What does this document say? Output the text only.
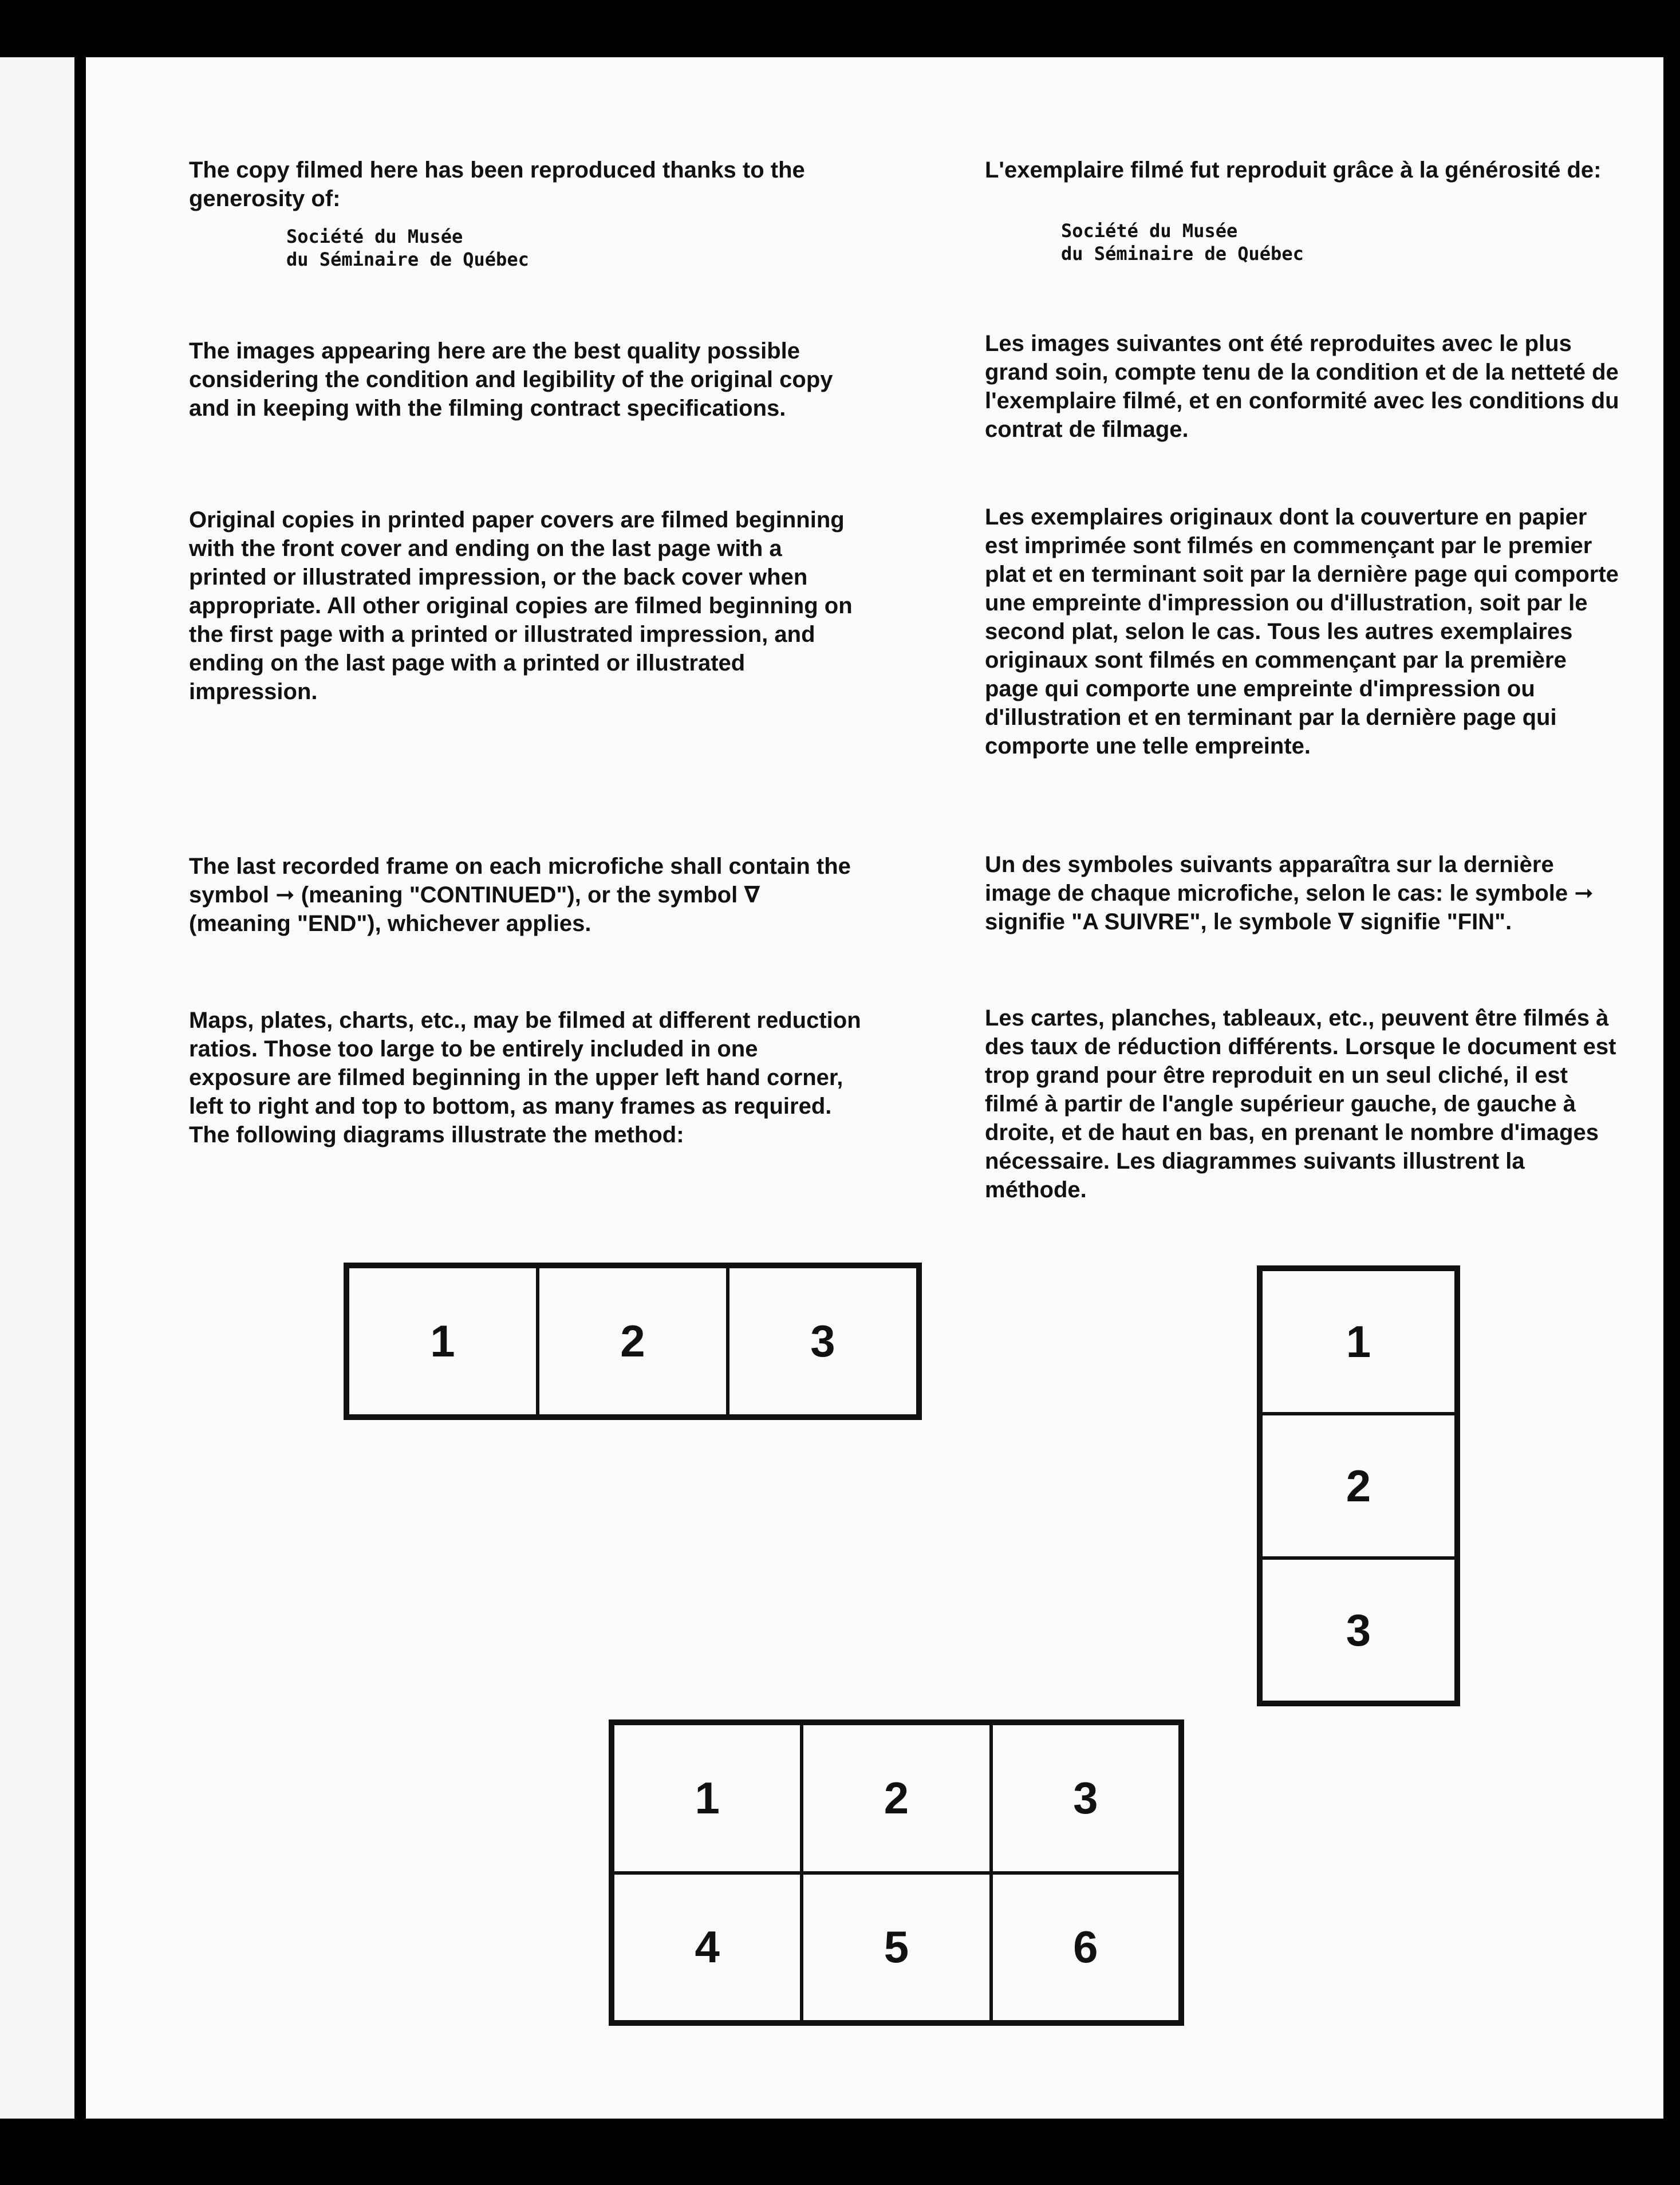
The copy filmed here has been reproduced thanks to the generosity of:

Société du Musée
du Séminaire de Québec

The images appearing here are the best quality possible considering the condition and legibility of the original copy and in keeping with the filming contract specifications.

Original copies in printed paper covers are filmed beginning with the front cover and ending on the last page with a printed or illustrated impression, or the back cover when appropriate. All other original copies are filmed beginning on the first page with a printed or illustrated impression, and ending on the last page with a printed or illustrated impression.

The last recorded frame on each microfiche shall contain the symbol ➞ (meaning "CONTINUED"), or the symbol ∇ (meaning "END"), whichever applies.

Maps, plates, charts, etc., may be filmed at different reduction ratios. Those too large to be entirely included in one exposure are filmed beginning in the upper left hand corner, left to right and top to bottom, as many frames as required. The following diagrams illustrate the method:

L'exemplaire filmé fut reproduit grâce à la générosité de:

Société du Musée
du Séminaire de Québec

Les images suivantes ont été reproduites avec le plus grand soin, compte tenu de la condition et de la netteté de l'exemplaire filmé, et en conformité avec les conditions du contrat de filmage.

Les exemplaires originaux dont la couverture en papier est imprimée sont filmés en commençant par le premier plat et en terminant soit par la dernière page qui comporte une empreinte d'impression ou d'illustration, soit par le second plat, selon le cas. Tous les autres exemplaires originaux sont filmés en commençant par la première page qui comporte une empreinte d'impression ou d'illustration et en terminant par la dernière page qui comporte une telle empreinte.

Un des symboles suivants apparaîtra sur la dernière image de chaque microfiche, selon le cas: le symbole ➞ signifie "A SUIVRE", le symbole ∇ signifie "FIN".

Les cartes, planches, tableaux, etc., peuvent être filmés à des taux de réduction différents. Lorsque le document est trop grand pour être reproduit en un seul cliché, il est filmé à partir de l'angle supérieur gauche, de gauche à droite, et de haut en bas, en prenant le nombre d'images nécessaire. Les diagrammes suivants illustrent la méthode.

1	2	3	1
2
3
1	2	3
4	5	6
